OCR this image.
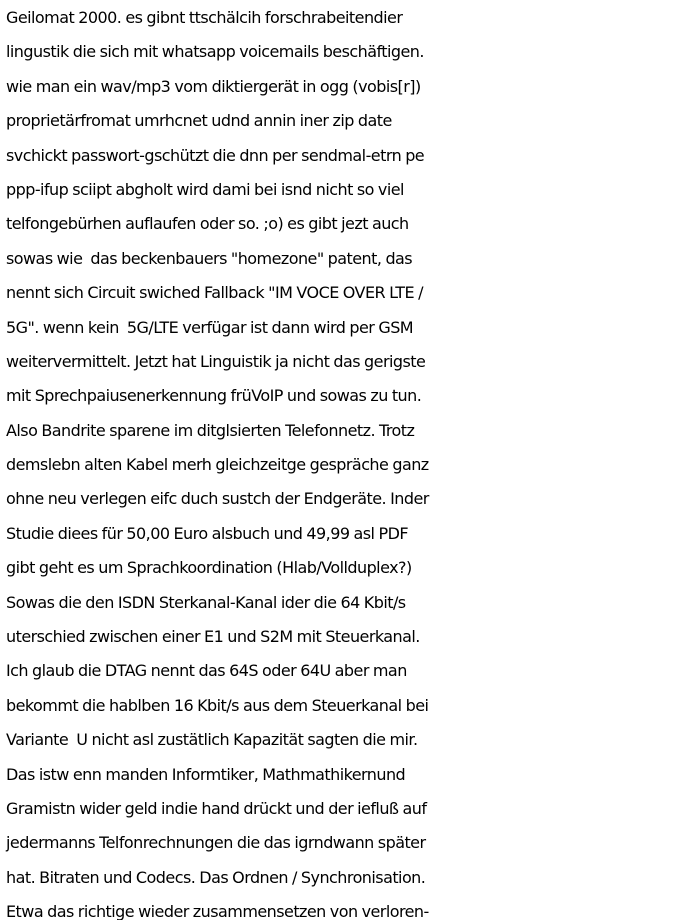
Geilomat 2000. es gibnt ttschälcih forschrabeitendier
lingustik die sich mit whatsapp voicemails beschäftigen.
wie man ein wav/mp3 vom diktiergerät in ogg (vobis[r])
proprietärfromat umrhcnet udnd annin iner zip date
svchickt passwort-gschützt die dnn per sendmal-etrn pe
ppp-ifup sciipt abgholt wird dami bei isnd nicht so viel
telfongebürhen auflaufen oder so. ;o) es gibt jezt auch
sowas wie  das beckenbauers "homezone" patent, das
nennt sich Circuit swiched Fallback "IM VOCE OVER LTE /
5G". wenn kein  5G/LTE verfügar ist dann wird per GSM
weitervermittelt. Jetzt hat Linguistik ja nicht das gerigste
mit Sprechpaiusenerkennung früVoIP und sowas zu tun.
Also Bandrite sparene im ditglsierten Telefonnetz. Trotz
demslebn alten Kabel merh gleichzeitge gespräche ganz
ohne neu verlegen eifc duch sustch der Endgeräte. Inder
Studie diees für 50,00 Euro alsbuch und 49,99 asl PDF
gibt geht es um Sprachkoordination (Hlab/Vollduplex?)
Sowas die den ISDN Sterkanal-Kanal ider die 64 Kbit/s
uterschied zwischen einer E1 und S2M mit Steuerkanal.
Ich glaub die DTAG nennt das 64S oder 64U aber man
bekommt die hablben 16 Kbit/s aus dem Steuerkanal bei
Variante  U nicht asl zustätlich Kapazität sagten die mir.
Das istw enn manden Informtiker, Mathmathikernund
Gramistn wider geld indie hand drückt und der iefluß auf
jedermanns Telfonrechnungen die das igrndwann später
hat. Bitraten und Codecs. Das Ordnen / Synchronisation.
Etwa das richtige wieder zusammensetzen von verloren-
